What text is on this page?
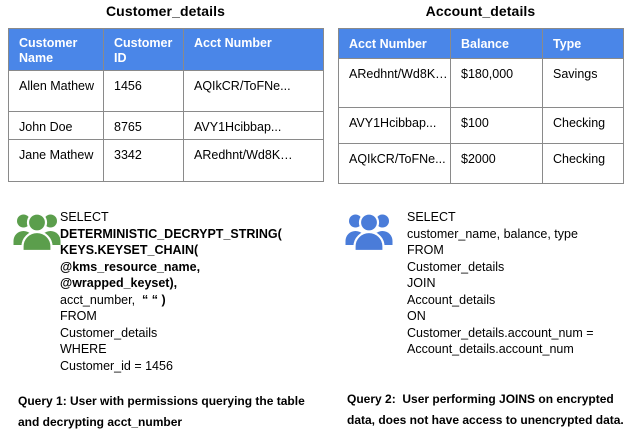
Customer_details	Account_details
Customer Name	Customer ID	Acct Number
Allen Mathew	1456	AQIkCR/ToFNe...
John Doe	8765	AVY1Hcibbap...
Jane Mathew	3342	ARedhnt/Wd8K…
Acct Number	Balance	Type
ARedhnt/Wd8K…	$180,000	Savings
AVY1Hcibbap...	$100	Checking
AQIkCR/ToFNe...	$2000	Checking
SELECT
DETERMINISTIC_DECRYPT_STRING(
KEYS.KEYSET_CHAIN(
@kms_resource_name,
@wrapped_keyset),
acct_number,  “ “ )
FROM
Customer_details
WHERE
Customer_id = 1456
SELECT
customer_name, balance, type
FROM
Customer_details
JOIN
Account_details
ON
Customer_details.account_num =
Account_details.account_num
Query 1: User with permissions querying the table and decrypting acct_number
Query 2:  User performing JOINS on encrypted data, does not have access to unencrypted data.
